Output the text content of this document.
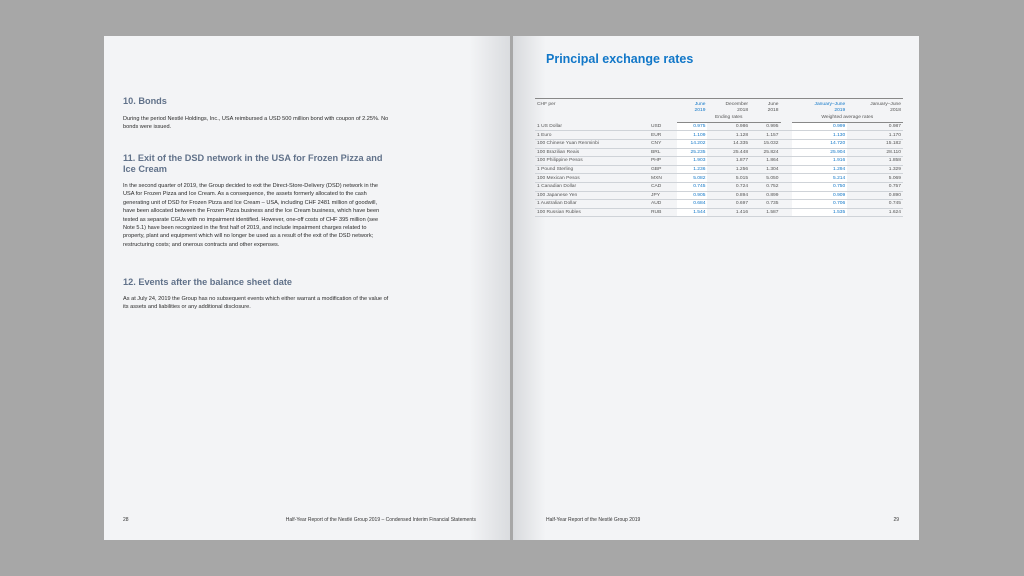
10. Bonds
During the period Nestlé Holdings, Inc., USA reimbursed a USD 500 million bond with coupon of 2.25%. No bonds were issued.
11. Exit of the DSD network in the USA for Frozen Pizza and
Ice Cream
In the second quarter of 2019, the Group decided to exit the Direct-Store-Delivery (DSD) network in the USA for Frozen Pizza and Ice Cream. As a consequence, the assets formerly allocated to the cash generating unit of DSD for Frozen Pizza and Ice Cream – USA, including CHF 2481 million of goodwill, have been allocated between the Frozen Pizza business and the Ice Cream business, which have been tested as separate CGUs with no impairment identified. However, one-off costs of CHF 395 million (see Note 5.1) have been recognized in the first half of 2019, and include impairment charges related to property, plant and equipment which will no longer be used as a result of the exit of the DSD network; restructuring costs; and onerous contracts and other expenses.
12. Events after the balance sheet date
As at July 24, 2019 the Group has no subsequent events which either warrant a modification of the value of its assets and liabilities or any additional disclosure.
28	Half-Year Report of the Nestlé Group 2019 – Condensed Interim Financial Statements
Principal exchange rates
CHF per		June	December	June		January–June	January–June
		2019	2018	2018		2019	2018
		Ending rates				Weighted average rates	
1 US Dollar	USD	0.975	0.986	0.995		0.999	0.987
1 Euro	EUR	1.109	1.128	1.157		1.130	1.170
100 Chinese Yuan Renminbi	CNY	14.202	14.335	15.032		14.720	15.182
100 Brazilian Reais	BRL	25.235	25.448	25.824		25.904	28.110
100 Philippine Pesos	PHP	1.903	1.877	1.864		1.916	1.858
1 Pound Sterling	GBP	1.236	1.256	1.304		1.294	1.329
100 Mexican Pesos	MXN	5.082	5.015	5.050		5.214	5.069
1 Canadian Dollar	CAD	0.745	0.724	0.752		0.750	0.757
100 Japanese Yen	JPY	0.905	0.894	0.899		0.909	0.890
1 Australian Dollar	AUD	0.684	0.697	0.735		0.706	0.745
100 Russian Rubles	RUB	1.544	1.416	1.587		1.535	1.624
Half-Year Report of the Nestlé Group 2019	29
